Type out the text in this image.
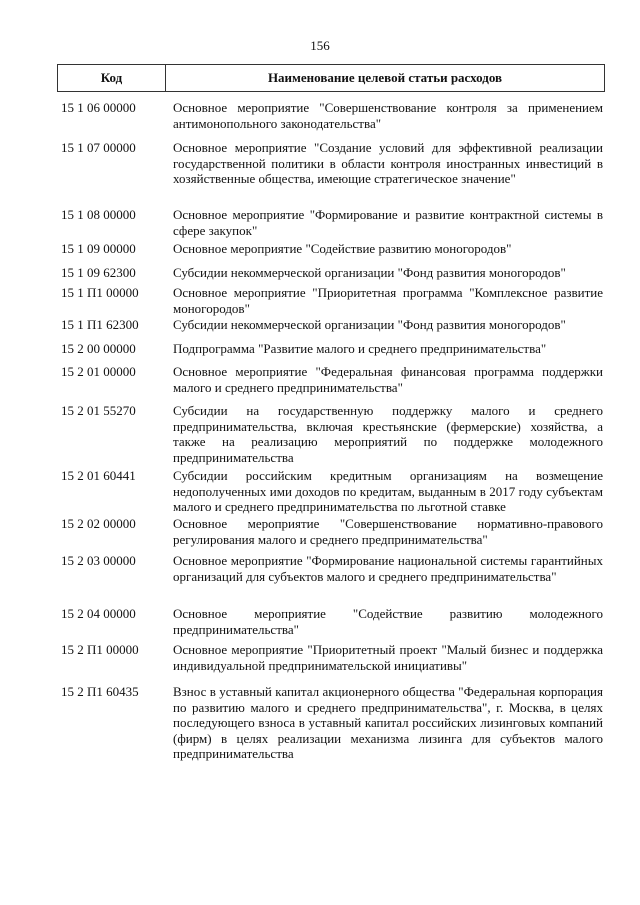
156
Код	Наименование целевой статьи расходов
15 1 06 00000	Основное мероприятие "Совершенствование контроля за применением антимонопольного законодательства"
15 1 07 00000	Основное мероприятие "Создание условий для эффективной реализации государственной политики в области контроля иностранных инвестиций в хозяйственные общества, имеющие стратегическое значение"
15 1 08 00000	Основное мероприятие "Формирование и развитие контрактной системы в сфере закупок"
15 1 09 00000	Основное мероприятие "Содействие развитию моногородов"
15 1 09 62300	Субсидии некоммерческой организации "Фонд развития моногородов"
15 1 П1 00000	Основное мероприятие "Приоритетная программа "Комплексное развитие моногородов"
15 1 П1 62300	Субсидии некоммерческой организации "Фонд развития моногородов"
15 2 00 00000	Подпрограмма "Развитие малого и среднего предпринимательства"
15 2 01 00000	Основное мероприятие "Федеральная финансовая программа поддержки малого и среднего предпринимательства"
15 2 01 55270	Субсидии на государственную поддержку малого и среднего предпринимательства, включая крестьянские (фермерские) хозяйства, а также на реализацию мероприятий по поддержке молодежного предпринимательства
15 2 01 60441	Субсидии российским кредитным организациям на возмещение недополученных ими доходов по кредитам, выданным в 2017 году субъектам малого и среднего предпринимательства по льготной ставке
15 2 02 00000	Основное мероприятие "Совершенствование нормативно-правового регулирования малого и среднего предпринимательства"
15 2 03 00000	Основное мероприятие "Формирование национальной системы гарантийных организаций для субъектов малого и среднего предпринимательства"
15 2 04 00000	Основное мероприятие "Содействие развитию молодежного предпринимательства"
15 2 П1 00000	Основное мероприятие "Приоритетный проект "Малый бизнес и поддержка индивидуальной предпринимательской инициативы"
15 2 П1 60435	Взнос в уставный капитал акционерного общества "Федеральная корпорация по развитию малого и среднего предпринимательства", г. Москва, в целях последующего взноса в уставный капитал российских лизинговых компаний (фирм) в целях реализации механизма лизинга для субъектов малого предпринимательства
